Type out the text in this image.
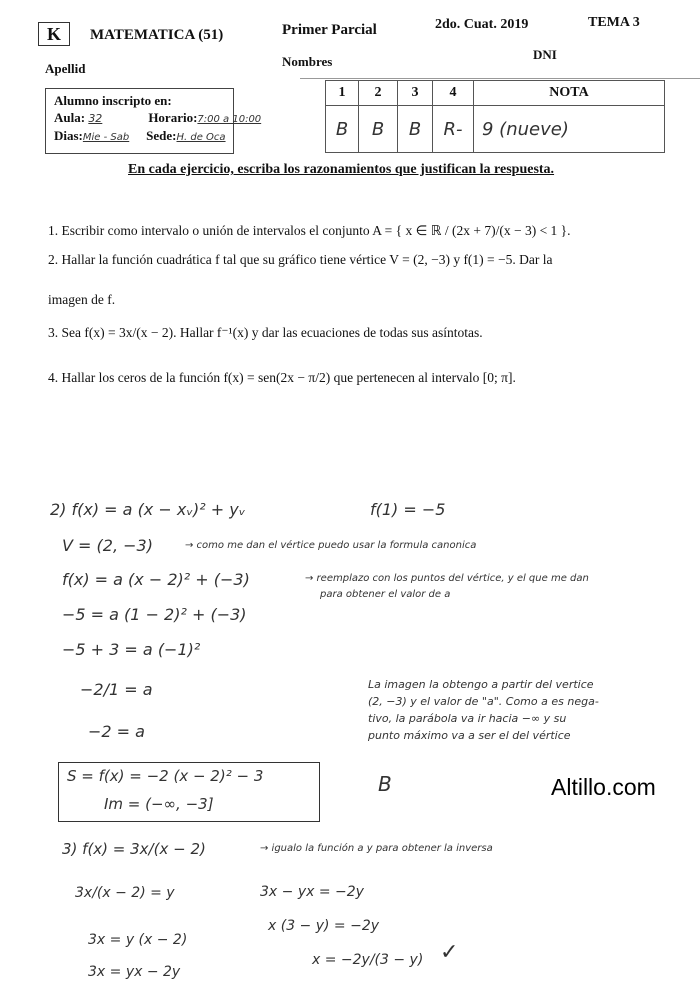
K	MATEMATICA (51)	Primer Parcial	2do. Cuat. 2019	TEMA 3
Apellid	Nombres	DNI
Alumno inscripto en:
Aula: 32	Horario:7:00 a 10:00
Dias:Mie - Sab Sede:H. de Oca
1	2	3	4	NOTA
B	B	B	R-	9 (nueve)
En cada ejercicio, escriba los razonamientos que justifican la respuesta.
1. Escribir como intervalo o unión de intervalos el conjunto A = { x ∈ ℝ / (2x + 7)/(x − 3) < 1 }.
2. Hallar la función cuadrática f tal que su gráfico tiene vértice V = (2, −3) y f(1) = −5. Dar la
imagen de f.
3. Sea f(x) = 3x/(x − 2). Hallar f⁻¹(x) y dar las ecuaciones de todas sus asíntotas.
4. Hallar los ceros de la función f(x) = sen(2x − π/2) que pertenecen al intervalo [0; π].
2) f(x) = a (x − xᵥ)² + yᵥ	f(1) = −5
V = (2, −3)	→ como me dan el vértice puedo usar la formula canonica
f(x) = a (x − 2)² + (−3)	→ reemplazo con los puntos del vértice, y el que me dan
para obtener el valor de a
−5 = a (1 − 2)² + (−3)
−5 + 3 = a (−1)²
−2/1 = a
−2 = a
La imagen la obtengo a partir del vertice
(2, −3) y el valor de "a". Como a es nega-
tivo, la parábola va ir hacia −∞ y su
punto máximo va a ser el del vértice
S = f(x) = −2 (x − 2)² − 3
Im = (−∞, −3]
B	Altillo.com
3) f(x) = 3x/(x − 2)	→ igualo la función a y para obtener la inversa
3x/(x − 2) = y
3x = y (x − 2)
3x = yx − 2y
3x − yx = −2y
x (3 − y) = −2y
x = −2y/(3 − y) ✓
